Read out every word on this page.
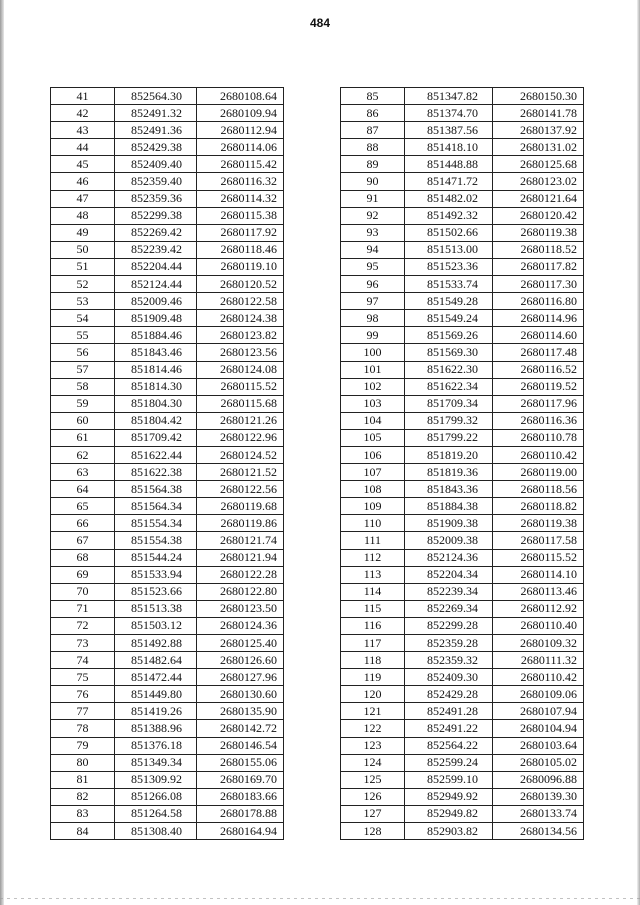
484
41	852564.30	2680108.64
42	852491.32	2680109.94
43	852491.36	2680112.94
44	852429.38	2680114.06
45	852409.40	2680115.42
46	852359.40	2680116.32
47	852359.36	2680114.32
48	852299.38	2680115.38
49	852269.42	2680117.92
50	852239.42	2680118.46
51	852204.44	2680119.10
52	852124.44	2680120.52
53	852009.46	2680122.58
54	851909.48	2680124.38
55	851884.46	2680123.82
56	851843.46	2680123.56
57	851814.46	2680124.08
58	851814.30	2680115.52
59	851804.30	2680115.68
60	851804.42	2680121.26
61	851709.42	2680122.96
62	851622.44	2680124.52
63	851622.38	2680121.52
64	851564.38	2680122.56
65	851564.34	2680119.68
66	851554.34	2680119.86
67	851554.38	2680121.74
68	851544.24	2680121.94
69	851533.94	2680122.28
70	851523.66	2680122.80
71	851513.38	2680123.50
72	851503.12	2680124.36
73	851492.88	2680125.40
74	851482.64	2680126.60
75	851472.44	2680127.96
76	851449.80	2680130.60
77	851419.26	2680135.90
78	851388.96	2680142.72
79	851376.18	2680146.54
80	851349.34	2680155.06
81	851309.92	2680169.70
82	851266.08	2680183.66
83	851264.58	2680178.88
84	851308.40	2680164.94
85	851347.82	2680150.30
86	851374.70	2680141.78
87	851387.56	2680137.92
88	851418.10	2680131.02
89	851448.88	2680125.68
90	851471.72	2680123.02
91	851482.02	2680121.64
92	851492.32	2680120.42
93	851502.66	2680119.38
94	851513.00	2680118.52
95	851523.36	2680117.82
96	851533.74	2680117.30
97	851549.28	2680116.80
98	851549.24	2680114.96
99	851569.26	2680114.60
100	851569.30	2680117.48
101	851622.30	2680116.52
102	851622.34	2680119.52
103	851709.34	2680117.96
104	851799.32	2680116.36
105	851799.22	2680110.78
106	851819.20	2680110.42
107	851819.36	2680119.00
108	851843.36	2680118.56
109	851884.38	2680118.82
110	851909.38	2680119.38
111	852009.38	2680117.58
112	852124.36	2680115.52
113	852204.34	2680114.10
114	852239.34	2680113.46
115	852269.34	2680112.92
116	852299.28	2680110.40
117	852359.28	2680109.32
118	852359.32	2680111.32
119	852409.30	2680110.42
120	852429.28	2680109.06
121	852491.28	2680107.94
122	852491.22	2680104.94
123	852564.22	2680103.64
124	852599.24	2680105.02
125	852599.10	2680096.88
126	852949.92	2680139.30
127	852949.82	2680133.74
128	852903.82	2680134.56
